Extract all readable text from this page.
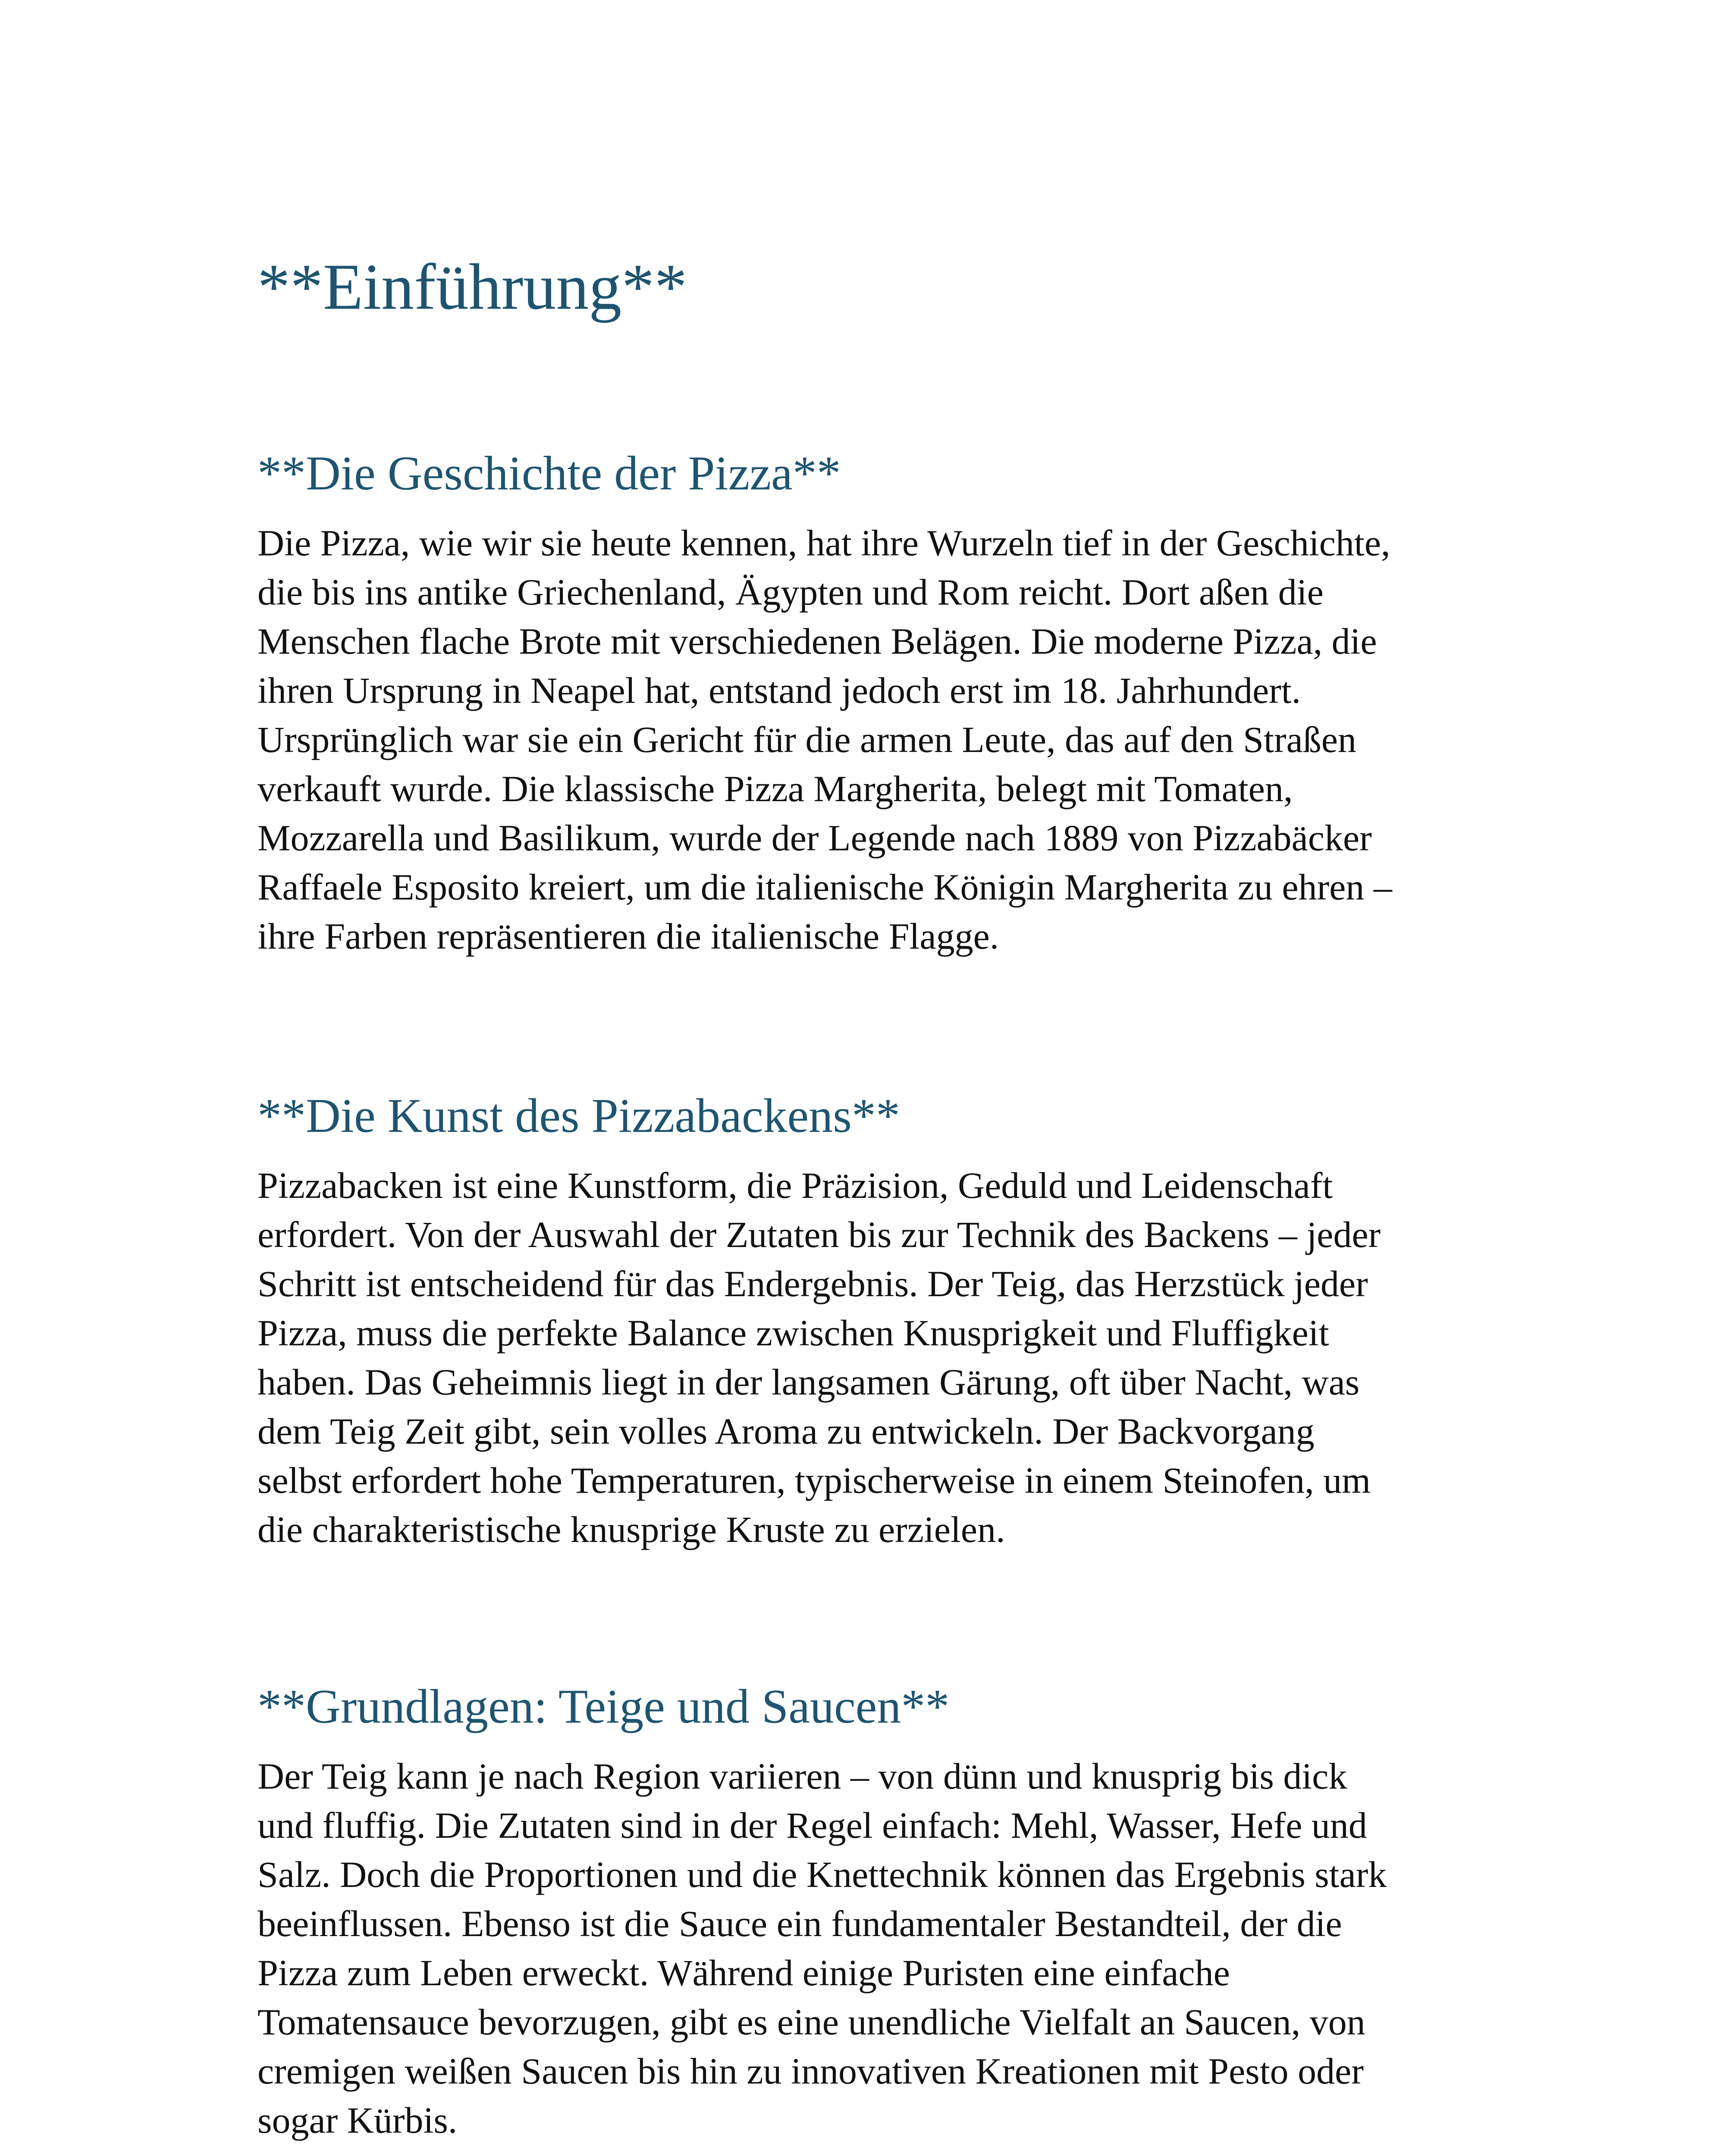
**Einführung**
**Die Geschichte der Pizza**

Die Pizza, wie wir sie heute kennen, hat ihre Wurzeln tief in der Geschichte,
die bis ins antike Griechenland, Ägypten und Rom reicht. Dort aßen die
Menschen flache Brote mit verschiedenen Belägen. Die moderne Pizza, die
ihren Ursprung in Neapel hat, entstand jedoch erst im 18. Jahrhundert.
Ursprünglich war sie ein Gericht für die armen Leute, das auf den Straßen
verkauft wurde. Die klassische Pizza Margherita, belegt mit Tomaten,
Mozzarella und Basilikum, wurde der Legende nach 1889 von Pizzabäcker
Raffaele Esposito kreiert, um die italienische Königin Margherita zu ehren –
ihre Farben repräsentieren die italienische Flagge.

**Die Kunst des Pizzabackens**

Pizzabacken ist eine Kunstform, die Präzision, Geduld und Leidenschaft
erfordert. Von der Auswahl der Zutaten bis zur Technik des Backens – jeder
Schritt ist entscheidend für das Endergebnis. Der Teig, das Herzstück jeder
Pizza, muss die perfekte Balance zwischen Knusprigkeit und Fluffigkeit
haben. Das Geheimnis liegt in der langsamen Gärung, oft über Nacht, was
dem Teig Zeit gibt, sein volles Aroma zu entwickeln. Der Backvorgang
selbst erfordert hohe Temperaturen, typischerweise in einem Steinofen, um
die charakteristische knusprige Kruste zu erzielen.

**Grundlagen: Teige und Saucen**

Der Teig kann je nach Region variieren – von dünn und knusprig bis dick
und fluffig. Die Zutaten sind in der Regel einfach: Mehl, Wasser, Hefe und
Salz. Doch die Proportionen und die Knettechnik können das Ergebnis stark
beeinflussen. Ebenso ist die Sauce ein fundamentaler Bestandteil, der die
Pizza zum Leben erweckt. Während einige Puristen eine einfache
Tomatensauce bevorzugen, gibt es eine unendliche Vielfalt an Saucen, von
cremigen weißen Saucen bis hin zu innovativen Kreationen mit Pesto oder
sogar Kürbis.
